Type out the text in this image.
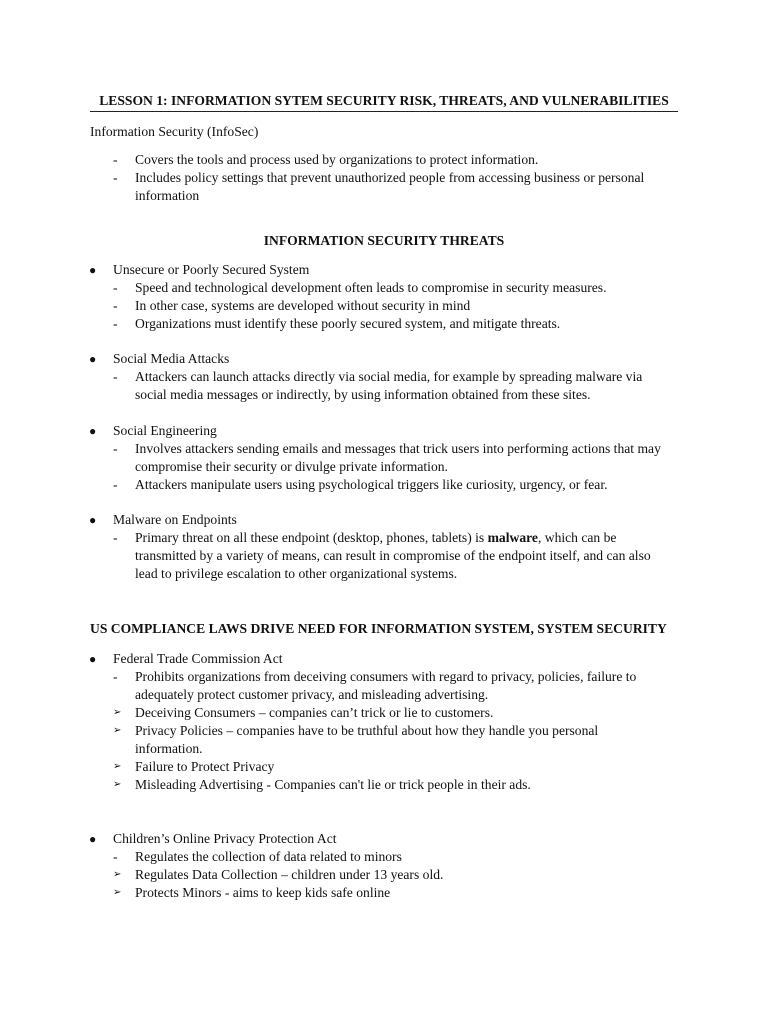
LESSON 1: INFORMATION SYTEM SECURITY RISK, THREATS, AND VULNERABILITIES
Information Security (InfoSec)
- Covers the tools and process used by organizations to protect information.
- Includes policy settings that prevent unauthorized people from accessing business or personal
information
INFORMATION SECURITY THREATS
● Unsecure or Poorly Secured System
- Speed and technological development often leads to compromise in security measures.
- In other case, systems are developed without security in mind
- Organizations must identify these poorly secured system, and mitigate threats.
● Social Media Attacks
- Attackers can launch attacks directly via social media, for example by spreading malware via
social media messages or indirectly, by using information obtained from these sites.
● Social Engineering
- Involves attackers sending emails and messages that trick users into performing actions that may
compromise their security or divulge private information.
- Attackers manipulate users using psychological triggers like curiosity, urgency, or fear.
● Malware on Endpoints
- Primary threat on all these endpoint (desktop, phones, tablets) is malware, which can be
transmitted by a variety of means, can result in compromise of the endpoint itself, and can also
lead to privilege escalation to other organizational systems.
US COMPLIANCE LAWS DRIVE NEED FOR INFORMATION SYSTEM, SYSTEM SECURITY
● Federal Trade Commission Act
- Prohibits organizations from deceiving consumers with regard to privacy, policies, failure to
adequately protect customer privacy, and misleading advertising.
➢ Deceiving Consumers – companies can’t trick or lie to customers.
➢ Privacy Policies – companies have to be truthful about how they handle you personal
information.
➢ Failure to Protect Privacy
➢ Misleading Advertising - Companies can't lie or trick people in their ads.
● Children’s Online Privacy Protection Act
- Regulates the collection of data related to minors
➢ Regulates Data Collection – children under 13 years old.
➢ Protects Minors - aims to keep kids safe online
